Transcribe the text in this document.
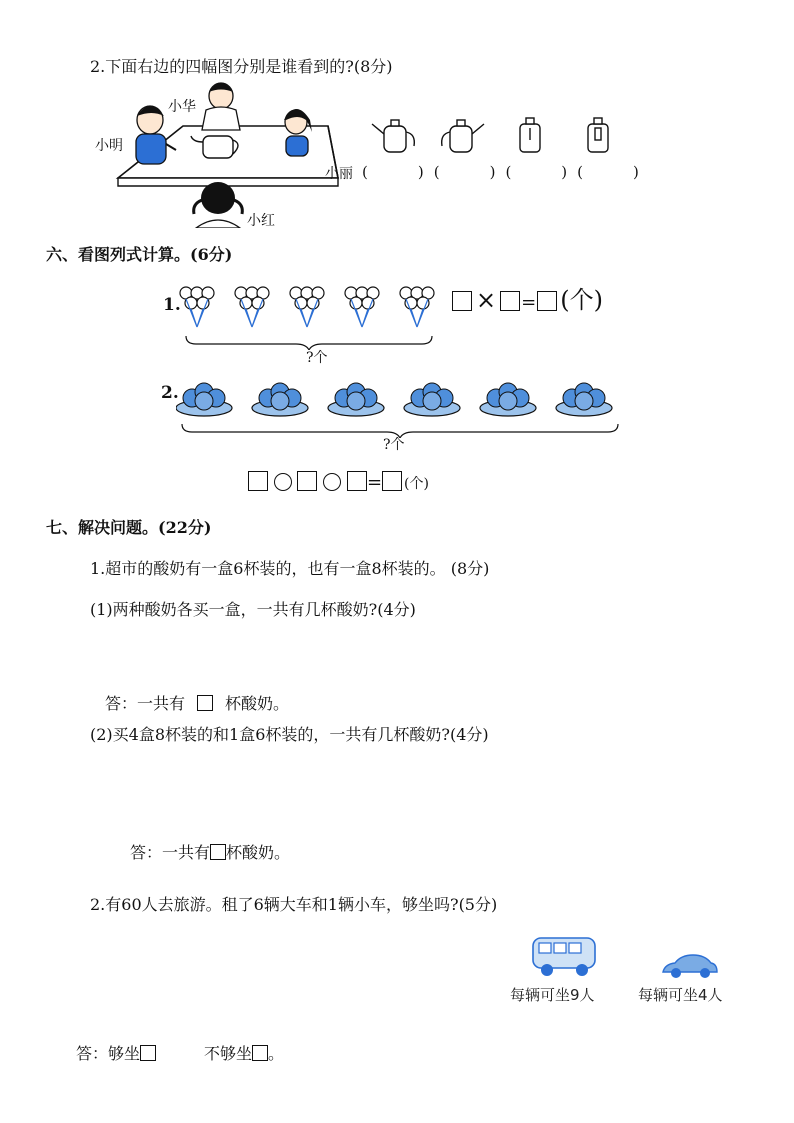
2.下面右边的四幅图分别是谁看到的?(8分)
小明
小华
小丽
小红
(	) (	) (	) (	)
六、看图列式计算。(6分)
1.	× = (个)
?个
2.
?个
= (个)
七、解决问题。(22分)
1.超市的酸奶有一盒6杯装的，也有一盒8杯装的。 (8分)
(1)两种酸奶各买一盒，一共有几杯酸奶?(4分)
答：一共有	杯酸奶。
(2)买4盒8杯装的和1盒6杯装的，一共有几杯酸奶?(4分)
答：一共有 杯酸奶。
2.有60人去旅游。租了6辆大车和1辆小车，够坐吗?(5分)
每辆可坐9人	每辆可坐4人
答：够坐	不够坐 。
